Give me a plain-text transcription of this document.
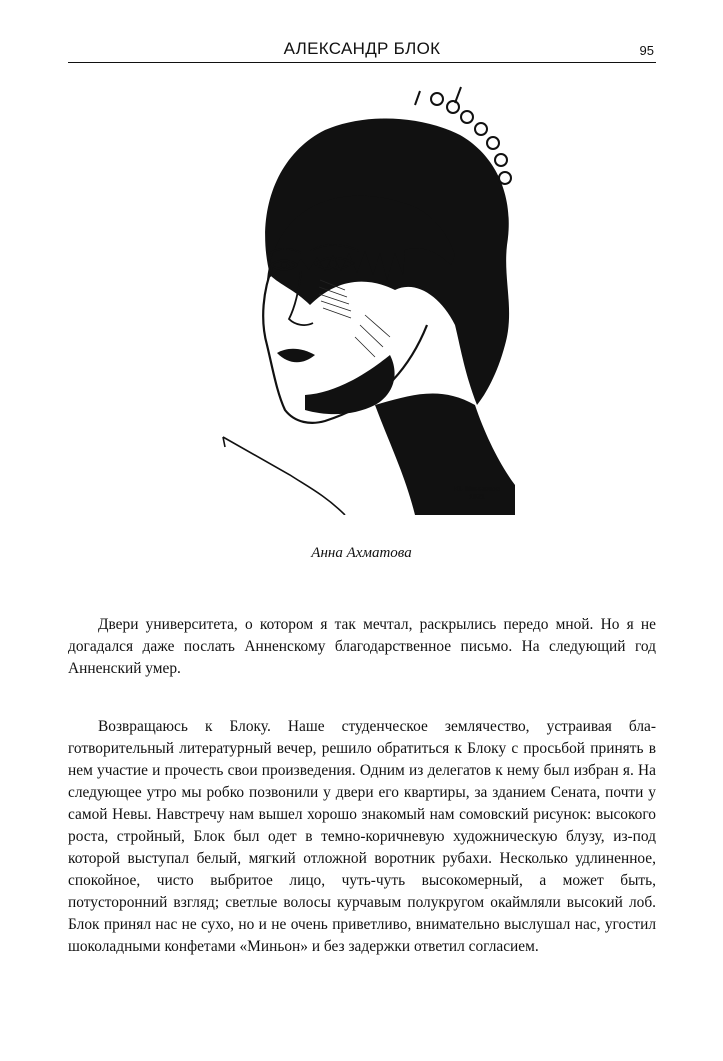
АЛЕКСАНДР БЛОК	95
Ю. Миннахов
1921
Анна Ахматова

Двери университета, о котором я так мечтал, раскрылись передо мной. Но я не догадался даже послать Анненскому благодарственное письмо. На следующий год Анненский умер.

Возвращаюсь к Блоку. Наше студенческое землячество, устраивая благотворительный литературный вечер, решило обратиться к Блоку с просьбой принять в нем участие и прочесть свои произведения. Одним из делегатов к нему был избран я. На следующее утро мы робко позвонили у двери его квартиры, за зданием Сената, почти у самой Невы. Навстречу нам вышел хорошо знакомый нам сомовский рисунок: высокого роста, стройный, Блок был одет в темно-коричневую художническую блузу, из-под которой выступал белый, мягкий отложной воротник рубахи. Несколько удлиненное, спокойное, чисто выбритое лицо, чуть-чуть высокомерный, а может быть, потусторонний взгляд; светлые волосы курчавым полукругом окаймляли высокий лоб. Блок принял нас не сухо, но и не очень приветливо, внимательно выслушал нас, угостил шоколадными конфетами «Миньон» и без задержки ответил согласием.
